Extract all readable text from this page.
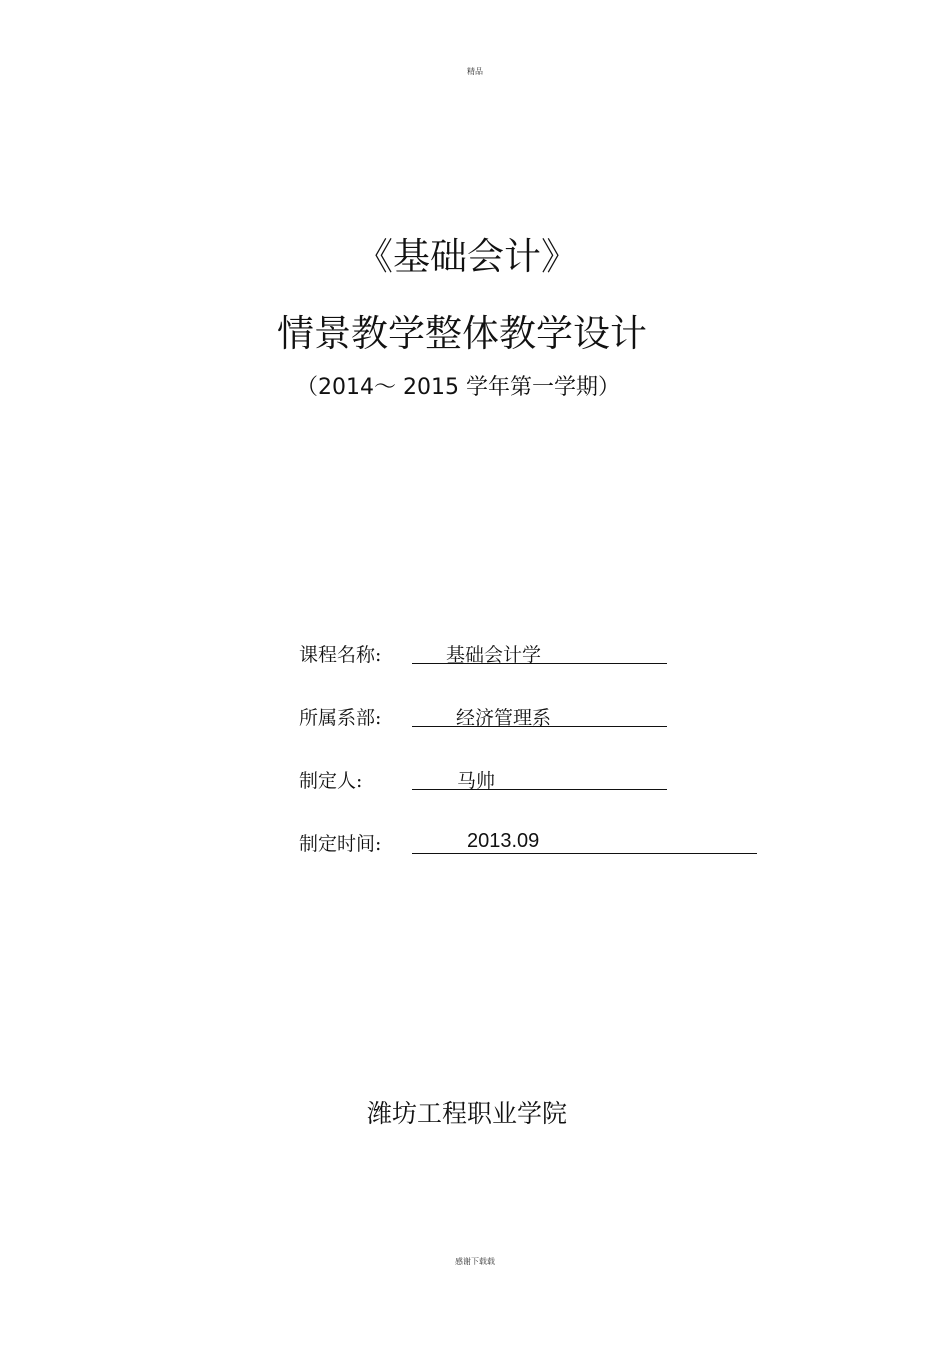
精品
《基础会计》
情景教学整体教学设计
（2014～ 2015 学年第一学期）
课程名称:	基础会计学
所属系部:	经济管理系
制定人:	马帅
制定时间:	2013.09
潍坊工程职业学院
感谢下载载
